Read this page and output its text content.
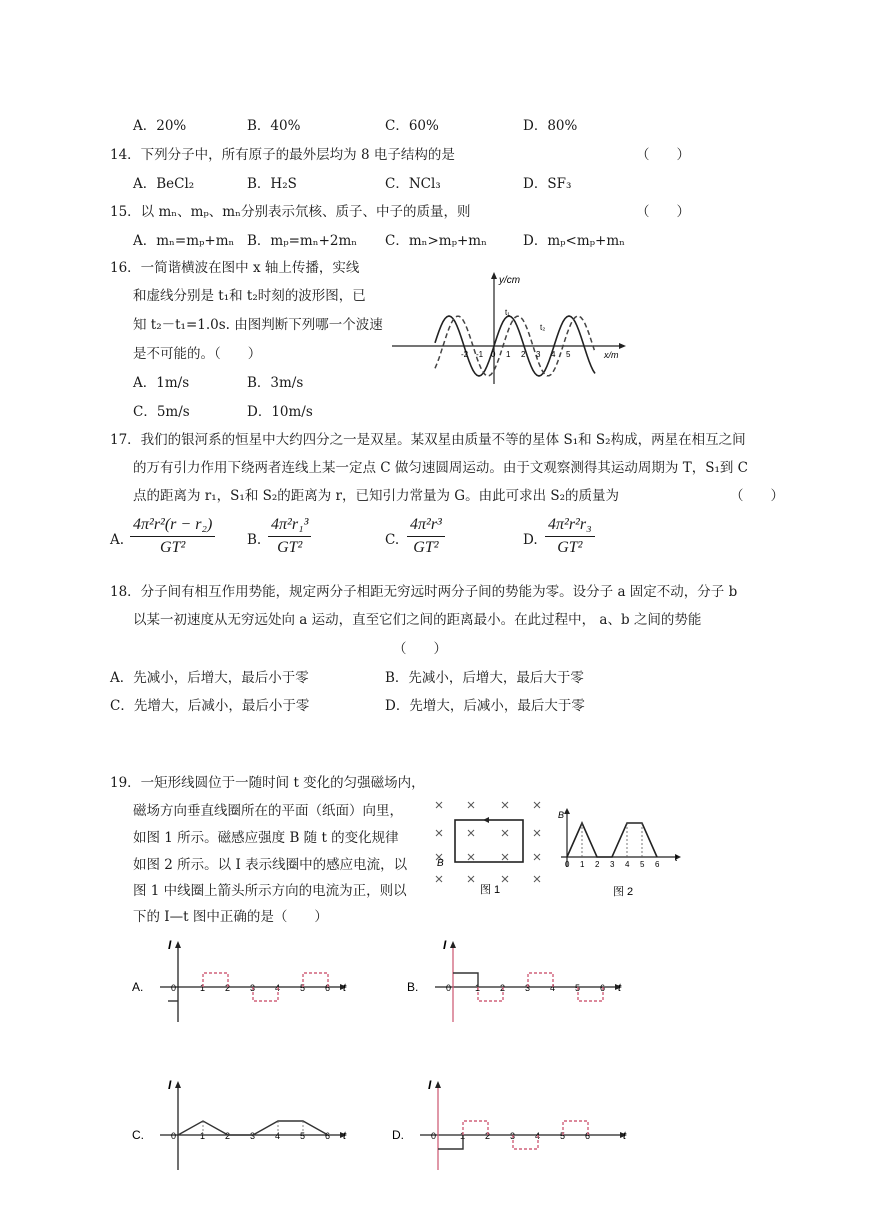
A．20%	B．40%	C．60%	D．80%
14．下列分子中，所有原子的最外层均为 8 电子结构的是	（　　）
A．BeCl₂	B．H₂S	C．NCl₃	D．SF₃
15．以 mₙ、mₚ、mₙ分别表示氘核、质子、中子的质量，则	（　　）
A．mₙ=mₚ+mₙ B．mₚ=mₙ+2mₙ C．mₙ>mₚ+mₙ	D．mₚ<mₚ+mₙ
16．一简谐横波在图中 x 轴上传播，实线
和虚线分别是 t₁和 t₂时刻的波形图，已
知 t₂－t₁=1.0s. 由图判断下列哪一个波速
是不可能的。（　　）
A．1m/s	B．3m/s
C．5m/s	D．10m/s
y/cm
x/m
-2 -1 0 1 2 3 4 5
t₁
t₂
17．我们的银河系的恒星中大约四分之一是双星。某双星由质量不等的星体 S₁和 S₂构成，两星在相互之间
的万有引力作用下绕两者连线上某一定点 C 做匀速圆周运动。由于文观察测得其运动周期为 T，S₁到 C
点的距离为 r₁，S₁和 S₂的距离为 r，已知引力常量为 G。由此可求出 S₂的质量为	（　　）
A. $\frac{\text{4π²r²(r − r₂)}}{\text{GT²}} B$. $\frac{\text{4π²r₁³}}{\text{GT²}}$	C. $\frac{\text{4π²r³}}{\text{GT²}}$	D. $\frac{\text{4π²r²r₃}}{\text{GT²}}$
18．分子间有相互作用势能，规定两分子相距无穷远时两分子间的势能为零。设分子 a 固定不动，分子 b
以某一初速度从无穷远处向 a 运动，直至它们之间的距离最小。在此过程中， a、b 之间的势能
（　　）
A．先减小，后增大，最后小于零	B．先减小，后增大，最后大于零
C．先增大，后减小，最后小于零	D．先增大，后减小，最后大于零
19．一矩形线圆位于一随时间 t 变化的匀强磁场内，
磁场方向垂直线圈所在的平面（纸面）向里，
如图 1 所示。磁感应强度 B 随 t 的变化规律
如图 2 所示。以 I 表示线圈中的感应电流，以
图 1 中线圈上箭头所示方向的电流为正，则以
下的 I—t 图中正确的是（　　）
B
图 1
B
0 1 2 3 4 5 6
t
图 2
A.
I
t
0	1 2 3 4 5 6	B.
I
t
0	1 2 3 4 5 6
C.
I
t
0	1 2 3 4 5 6	D.
I
t
0	1 2 3 4 5 6
